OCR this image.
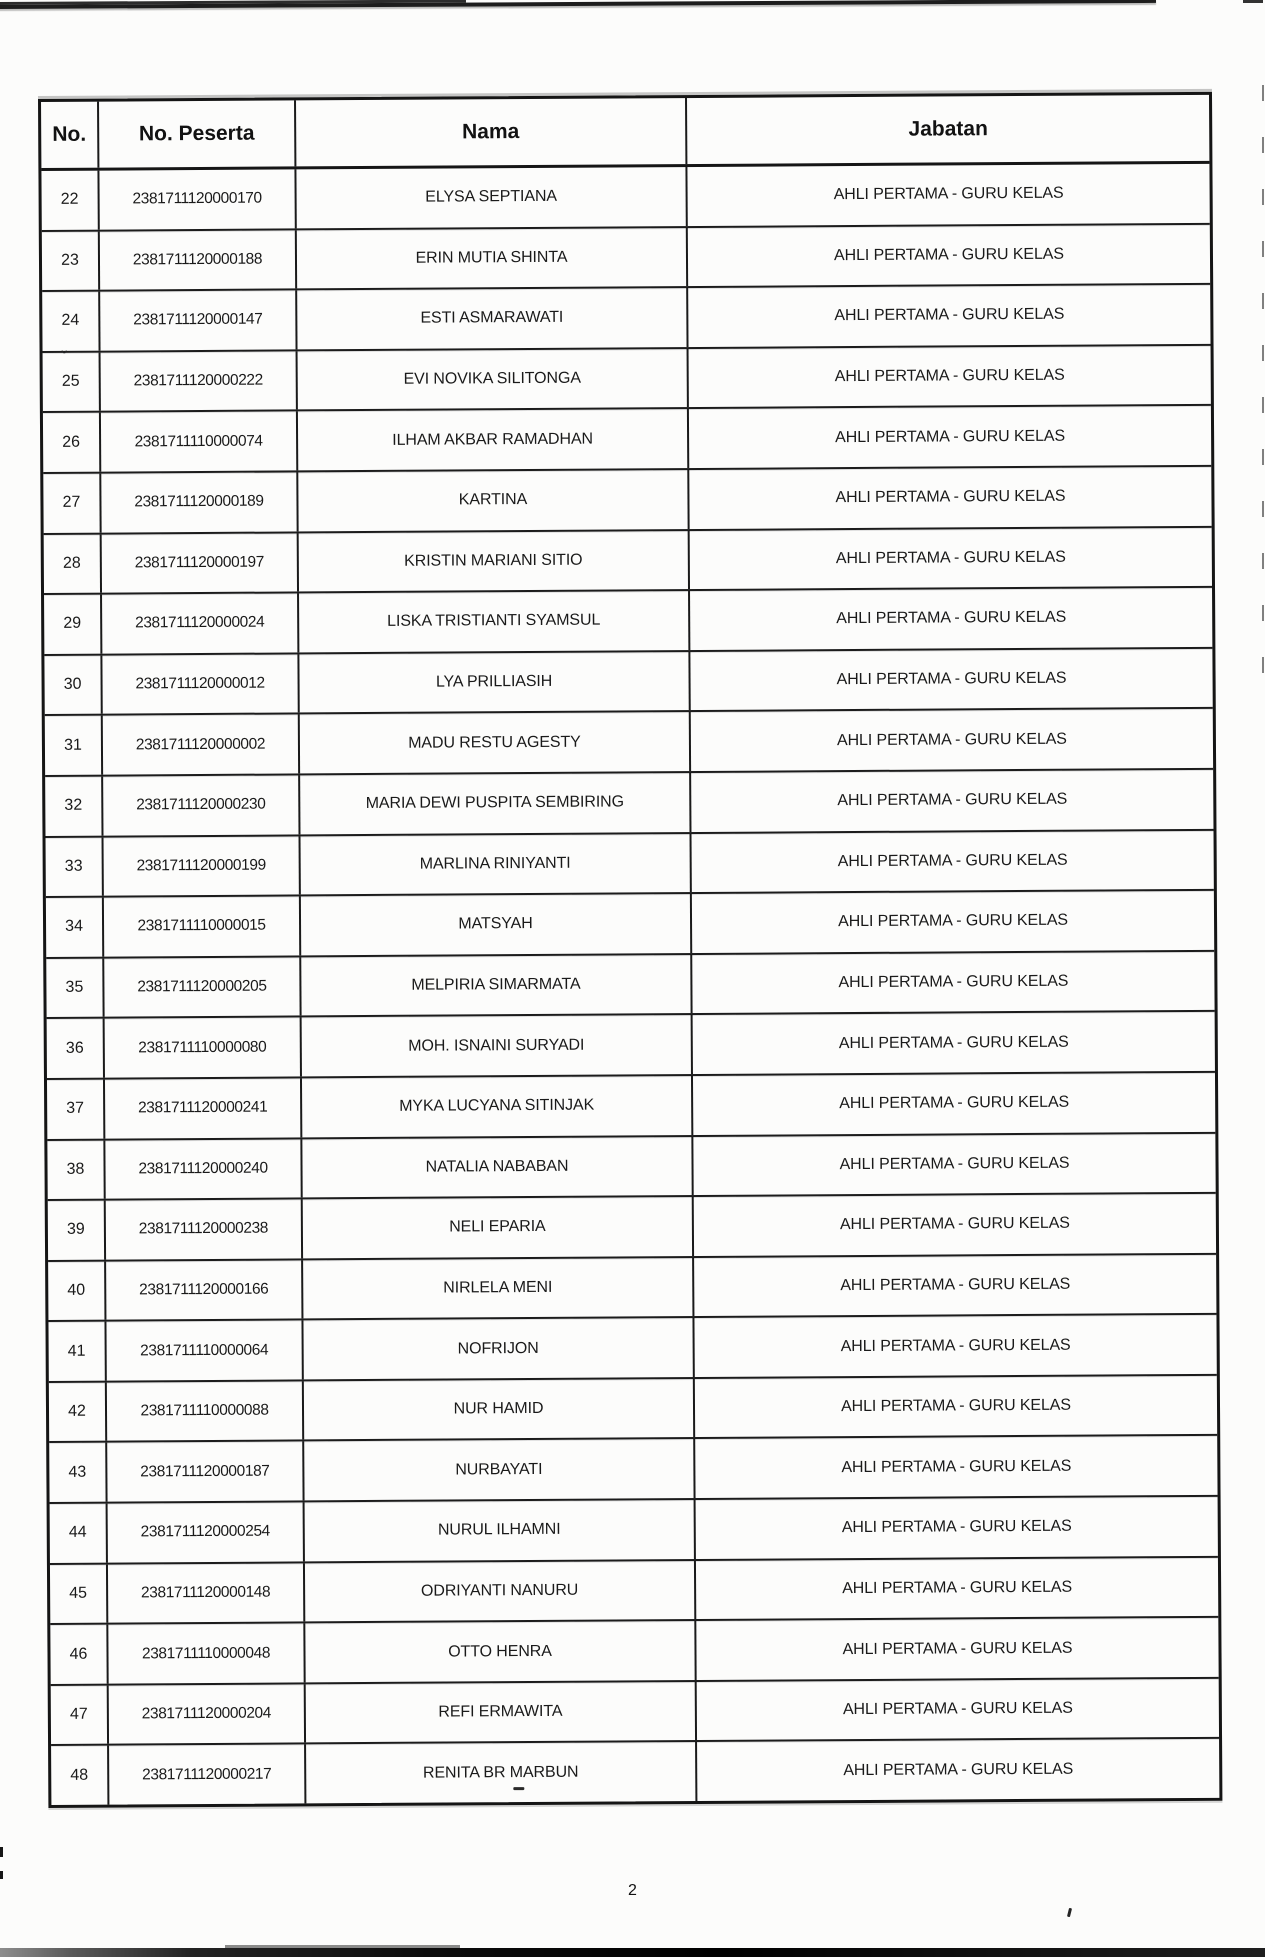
No.	No. Peserta	Nama	Jabatan
22	2381711120000170	ELYSA SEPTIANA	AHLI PERTAMA - GURU KELAS
23	2381711120000188	ERIN MUTIA SHINTA	AHLI PERTAMA - GURU KELAS
24	2381711120000147	ESTI ASMARAWATI	AHLI PERTAMA - GURU KELAS
25	2381711120000222	EVI NOVIKA SILITONGA	AHLI PERTAMA - GURU KELAS
26	2381711110000074	ILHAM AKBAR RAMADHAN	AHLI PERTAMA - GURU KELAS
27	2381711120000189	KARTINA	AHLI PERTAMA - GURU KELAS
28	2381711120000197	KRISTIN MARIANI SITIO	AHLI PERTAMA - GURU KELAS
29	2381711120000024	LISKA TRISTIANTI SYAMSUL	AHLI PERTAMA - GURU KELAS
30	2381711120000012	LYA PRILLIASIH	AHLI PERTAMA - GURU KELAS
31	2381711120000002	MADU RESTU AGESTY	AHLI PERTAMA - GURU KELAS
32	2381711120000230	MARIA DEWI PUSPITA SEMBIRING	AHLI PERTAMA - GURU KELAS
33	2381711120000199	MARLINA RINIYANTI	AHLI PERTAMA - GURU KELAS
34	2381711110000015	MATSYAH	AHLI PERTAMA - GURU KELAS
35	2381711120000205	MELPIRIA SIMARMATA	AHLI PERTAMA - GURU KELAS
36	2381711110000080	MOH. ISNAINI SURYADI	AHLI PERTAMA - GURU KELAS
37	2381711120000241	MYKA LUCYANA SITINJAK	AHLI PERTAMA - GURU KELAS
38	2381711120000240	NATALIA NABABAN	AHLI PERTAMA - GURU KELAS
39	2381711120000238	NELI EPARIA	AHLI PERTAMA - GURU KELAS
40	2381711120000166	NIRLELA MENI	AHLI PERTAMA - GURU KELAS
41	2381711110000064	NOFRIJON	AHLI PERTAMA - GURU KELAS
42	2381711110000088	NUR HAMID	AHLI PERTAMA - GURU KELAS
43	2381711120000187	NURBAYATI	AHLI PERTAMA - GURU KELAS
44	2381711120000254	NURUL ILHAMNI	AHLI PERTAMA - GURU KELAS
45	2381711120000148	ODRIYANTI NANURU	AHLI PERTAMA - GURU KELAS
46	2381711110000048	OTTO HENRA	AHLI PERTAMA - GURU KELAS
47	2381711120000204	REFI ERMAWITA	AHLI PERTAMA - GURU KELAS
48	2381711120000217	RENITA BR MARBUN	AHLI PERTAMA - GURU KELAS
ˇ
2
